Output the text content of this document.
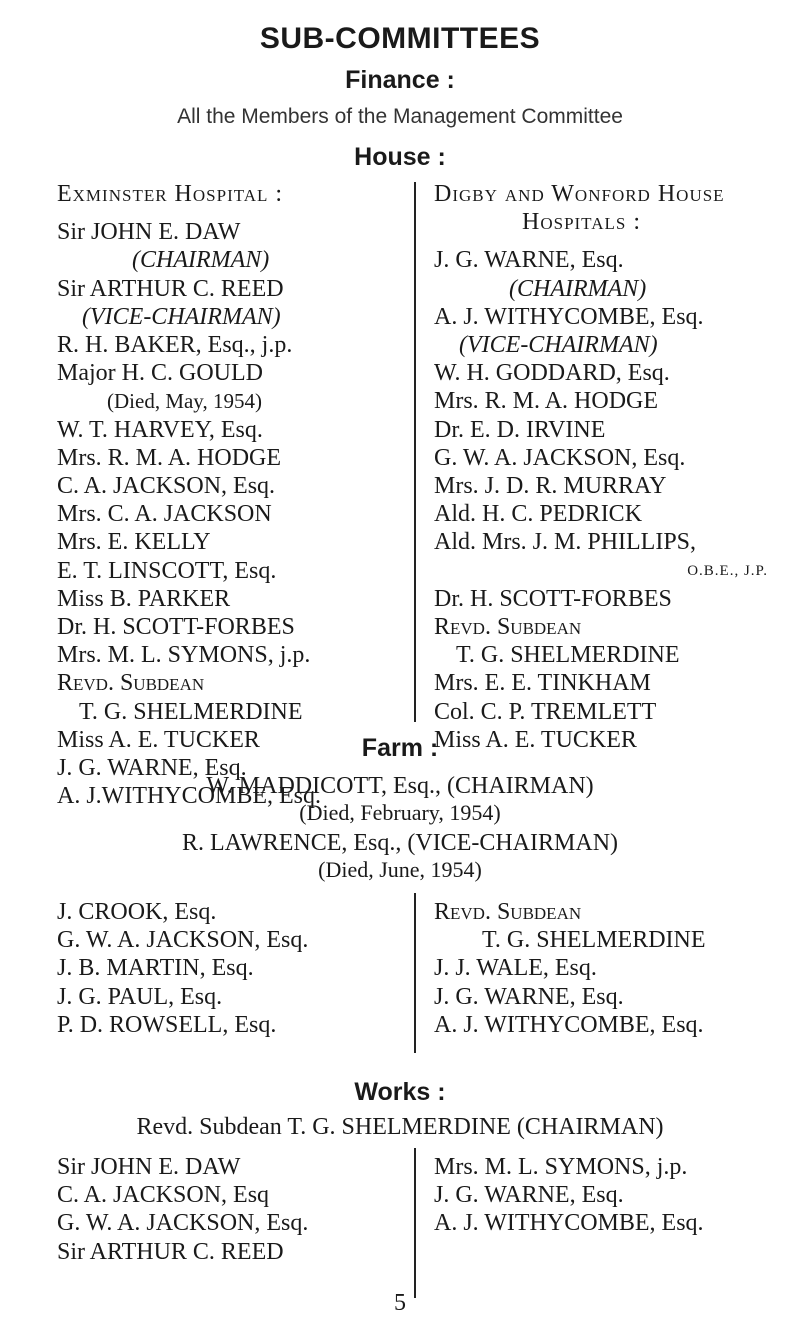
SUB-COMMITTEES
Finance :
All the Members of the Management Committee
House :
Exminster Hospital :
Sir JOHN E. DAW
(CHAIRMAN)
Sir ARTHUR C. REED
(VICE-CHAIRMAN)
R. H. BAKER, Esq., j.p.
Major H. C. GOULD
(Died, May, 1954)
W. T. HARVEY, Esq.
Mrs. R. M. A. HODGE
C. A. JACKSON, Esq.
Mrs. C. A. JACKSON
Mrs. E. KELLY
E. T. LINSCOTT, Esq.
Miss B. PARKER
Dr. H. SCOTT-FORBES
Mrs. M. L. SYMONS, j.p.
Revd. Subdean
T. G. SHELMERDINE
Miss A. E. TUCKER
J. G. WARNE, Esq.
A. J.WITHYCOMBE, Esq.
Digby and Wonford House
Hospitals :
J. G. WARNE, Esq.
(CHAIRMAN)
A. J. WITHYCOMBE, Esq.
(VICE-CHAIRMAN)
W. H. GODDARD, Esq.
Mrs. R. M. A. HODGE
Dr. E. D. IRVINE
G. W. A. JACKSON, Esq.
Mrs. J. D. R. MURRAY
Ald. H. C. PEDRICK
Ald. Mrs. J. M. PHILLIPS,
O.B.E., J.P.
Dr. H. SCOTT-FORBES
Revd. Subdean
T. G. SHELMERDINE
Mrs. E. E. TINKHAM
Col. C. P. TREMLETT
Miss A. E. TUCKER
Farm :
W. MADDICOTT, Esq., (CHAIRMAN)
(Died, February, 1954)
R. LAWRENCE, Esq., (VICE-CHAIRMAN)
(Died, June, 1954)
J. CROOK, Esq.
G. W. A. JACKSON, Esq.
J. B. MARTIN, Esq.
J. G. PAUL, Esq.
P. D. ROWSELL, Esq.
Revd. Subdean
T. G. SHELMERDINE
J. J. WALE, Esq.
J. G. WARNE, Esq.
A. J. WITHYCOMBE, Esq.
Works :
Revd. Subdean T. G. SHELMERDINE (CHAIRMAN)
Sir JOHN E. DAW
C. A. JACKSON, Esq
G. W. A. JACKSON, Esq.
Sir ARTHUR C. REED
Mrs. M. L. SYMONS, j.p.
J. G. WARNE, Esq.
A. J. WITHYCOMBE, Esq.
5
